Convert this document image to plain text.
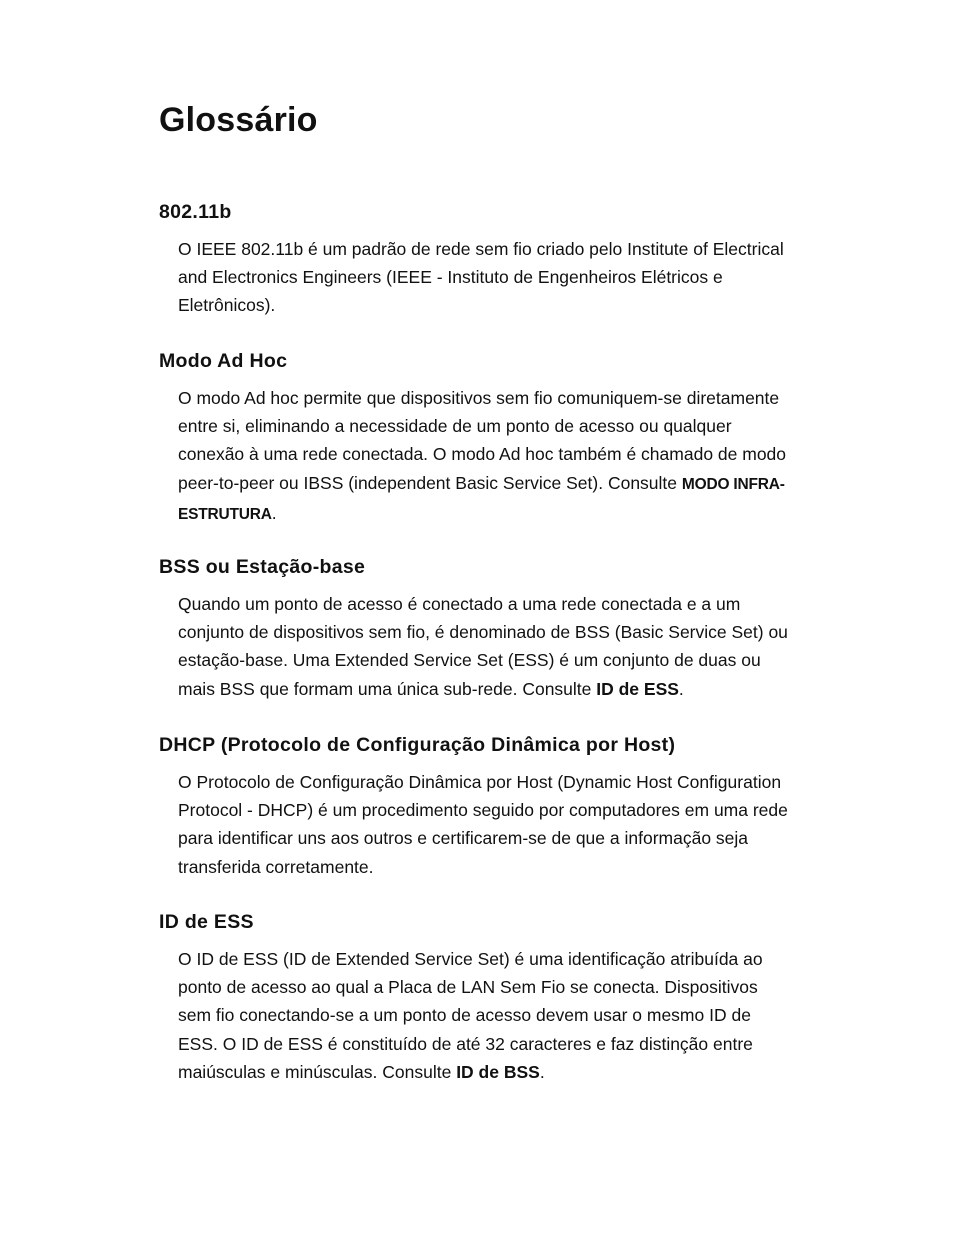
Glossário
802.11b

O IEEE 802.11b é um padrão de rede sem fio criado pelo Institute of Electrical
and Electronics Engineers (IEEE - Instituto de Engenheiros Elétricos e
Eletrônicos).

Modo Ad Hoc

O modo Ad hoc permite que dispositivos sem fio comuniquem-se diretamente
entre si, eliminando a necessidade de um ponto de acesso ou qualquer
conexão à uma rede conectada. O modo Ad hoc também é chamado de modo
peer-to-peer ou IBSS (independent Basic Service Set). Consulte MODO INFRA-
ESTRUTURA.

BSS ou Estação-base

Quando um ponto de acesso é conectado a uma rede conectada e a um
conjunto de dispositivos sem fio, é denominado de BSS (Basic Service Set) ou
estação-base. Uma Extended Service Set (ESS) é um conjunto de duas ou
mais BSS que formam uma única sub-rede. Consulte ID de ESS.

DHCP (Protocolo de Configuração Dinâmica por Host)

O Protocolo de Configuração Dinâmica por Host (Dynamic Host Configuration
Protocol - DHCP) é um procedimento seguido por computadores em uma rede
para identificar uns aos outros e certificarem-se de que a informação seja
transferida corretamente.

ID de ESS

O ID de ESS (ID de Extended Service Set) é uma identificação atribuída ao
ponto de acesso ao qual a Placa de LAN Sem Fio se conecta. Dispositivos
sem fio conectando-se a um ponto de acesso devem usar o mesmo ID de
ESS. O ID de ESS é constituído de até 32 caracteres e faz distinção entre
maiúsculas e minúsculas. Consulte ID de BSS.
